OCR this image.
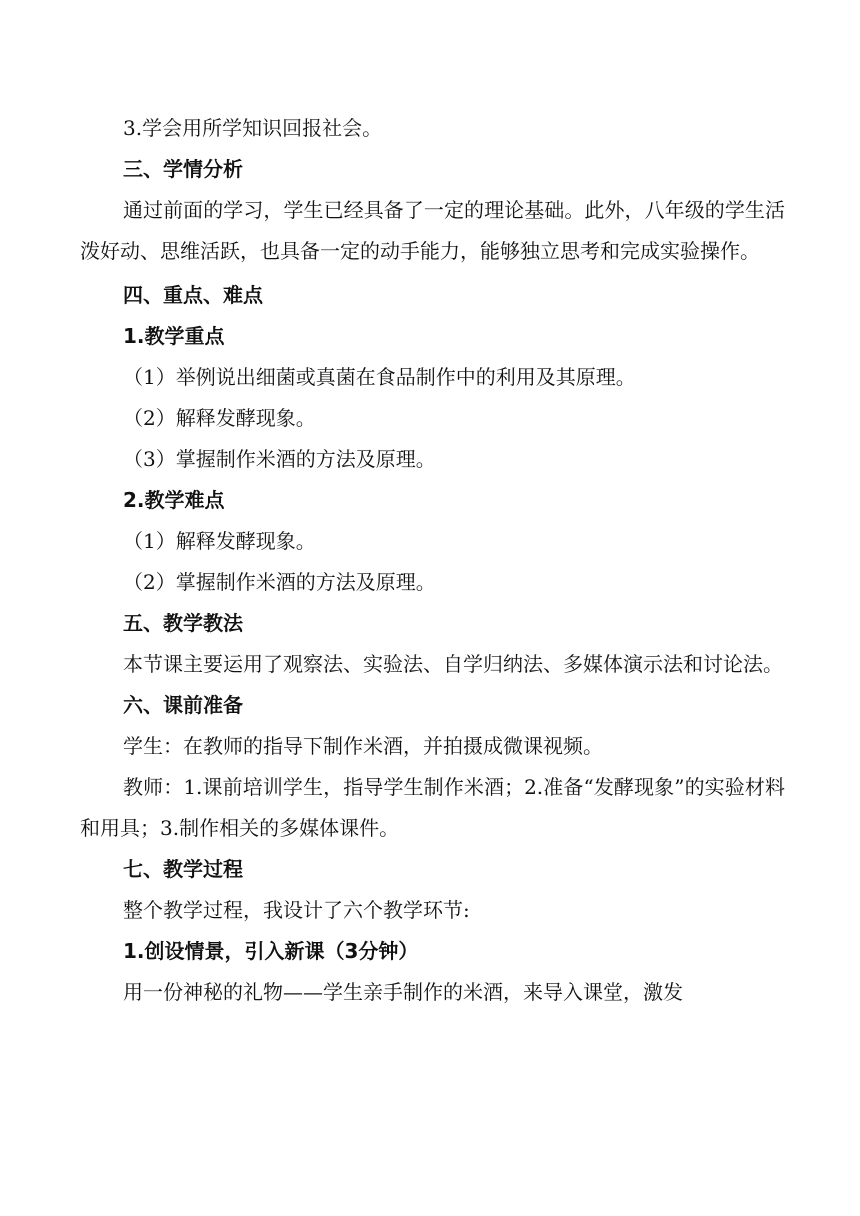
3.学会用所学知识回报社会。

三、学情分析

通过前面的学习，学生已经具备了一定的理论基础。此外，八年级的学生活泼好动、思维活跃，也具备一定的动手能力，能够独立思考和完成实验操作。

四、重点、难点

1.教学重点

（1）举例说出细菌或真菌在食品制作中的利用及其原理。

（2）解释发酵现象。

（3）掌握制作米酒的方法及原理。

2.教学难点

（1）解释发酵现象。

（2）掌握制作米酒的方法及原理。

五、教学教法

本节课主要运用了观察法、实验法、自学归纳法、多媒体演示法和讨论法。

六、课前准备

学生：在教师的指导下制作米酒，并拍摄成微课视频。

教师：1.课前培训学生，指导学生制作米酒；2.准备“发酵现象”的实验材料和用具；3.制作相关的多媒体课件。

七、教学过程

整个教学过程，我设计了六个教学环节:

1.创设情景，引入新课（3分钟）

用一份神秘的礼物——学生亲手制作的米酒，来导入课堂，激发
